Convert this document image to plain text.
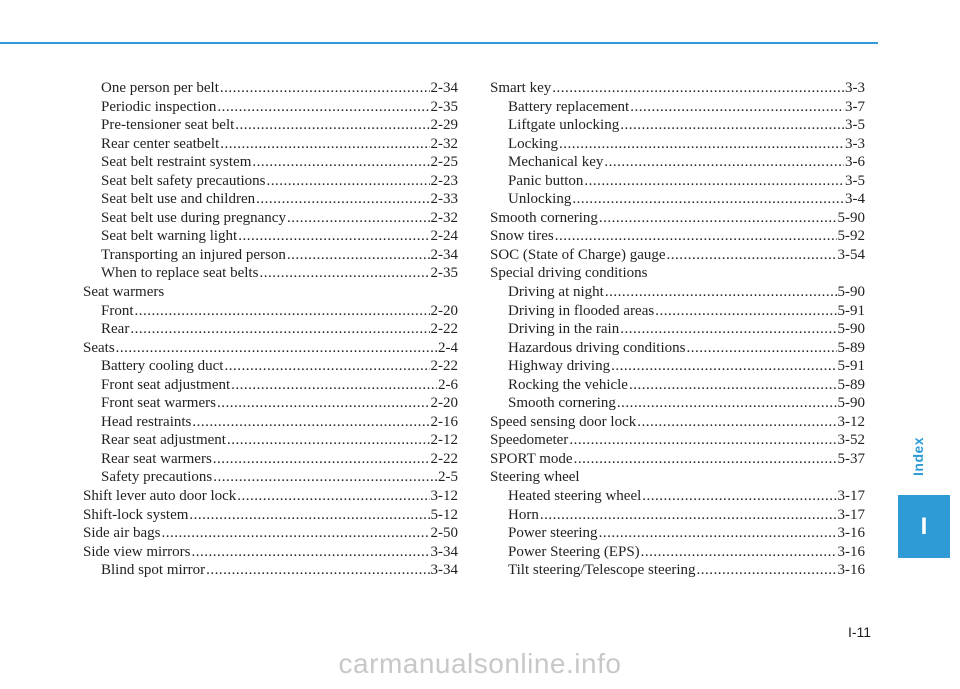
One person per belt .....	2-34
Periodic inspection .....	2-35
Pre-tensioner seat belt .....	2-29
Rear center seatbelt .....	2-32
Seat belt restraint system .....	2-25
Seat belt safety precautions .....	2-23
Seat belt use and children .....	2-33
Seat belt use during pregnancy .....	2-32
Seat belt warning light .....	2-24
Transporting an injured person .....	2-34
When to replace seat belts .....	2-35
Seat warmers
Front .....	2-20
Rear .....	2-22
Seats .....	2-4
Battery cooling duct .....	2-22
Front seat adjustment .....	2-6
Front seat warmers .....	2-20
Head restraints .....	2-16
Rear seat adjustment .....	2-12
Rear seat warmers .....	2-22
Safety precautions .....	2-5
Shift lever auto door lock .....	3-12
Shift-lock system .....	5-12
Side air bags .....	2-50
Side view mirrors .....	3-34
Blind spot mirror .....	3-34
Smart key .....	3-3
Battery replacement .....	3-7
Liftgate unlocking .....	3-5
Locking .....	3-3
Mechanical key .....	3-6
Panic button .....	3-5
Unlocking .....	3-4
Smooth cornering .....	5-90
Snow tires .....	5-92
SOC (State of Charge) gauge .....	3-54
Special driving conditions
Driving at night .....	5-90
Driving in flooded areas .....	5-91
Driving in the rain .....	5-90
Hazardous driving conditions .....	5-89
Highway driving .....	5-91
Rocking the vehicle .....	5-89
Smooth cornering .....	5-90
Speed sensing door lock .....	3-12
Speedometer .....	3-52
SPORT mode .....	5-37
Steering wheel
Heated steering wheel .....	3-17
Horn .....	3-17
Power steering .....	3-16
Power Steering (EPS) .....	3-16
Tilt steering/Telescope steering .....	3-16
Index
I
I-11
carmanualsonline.info
